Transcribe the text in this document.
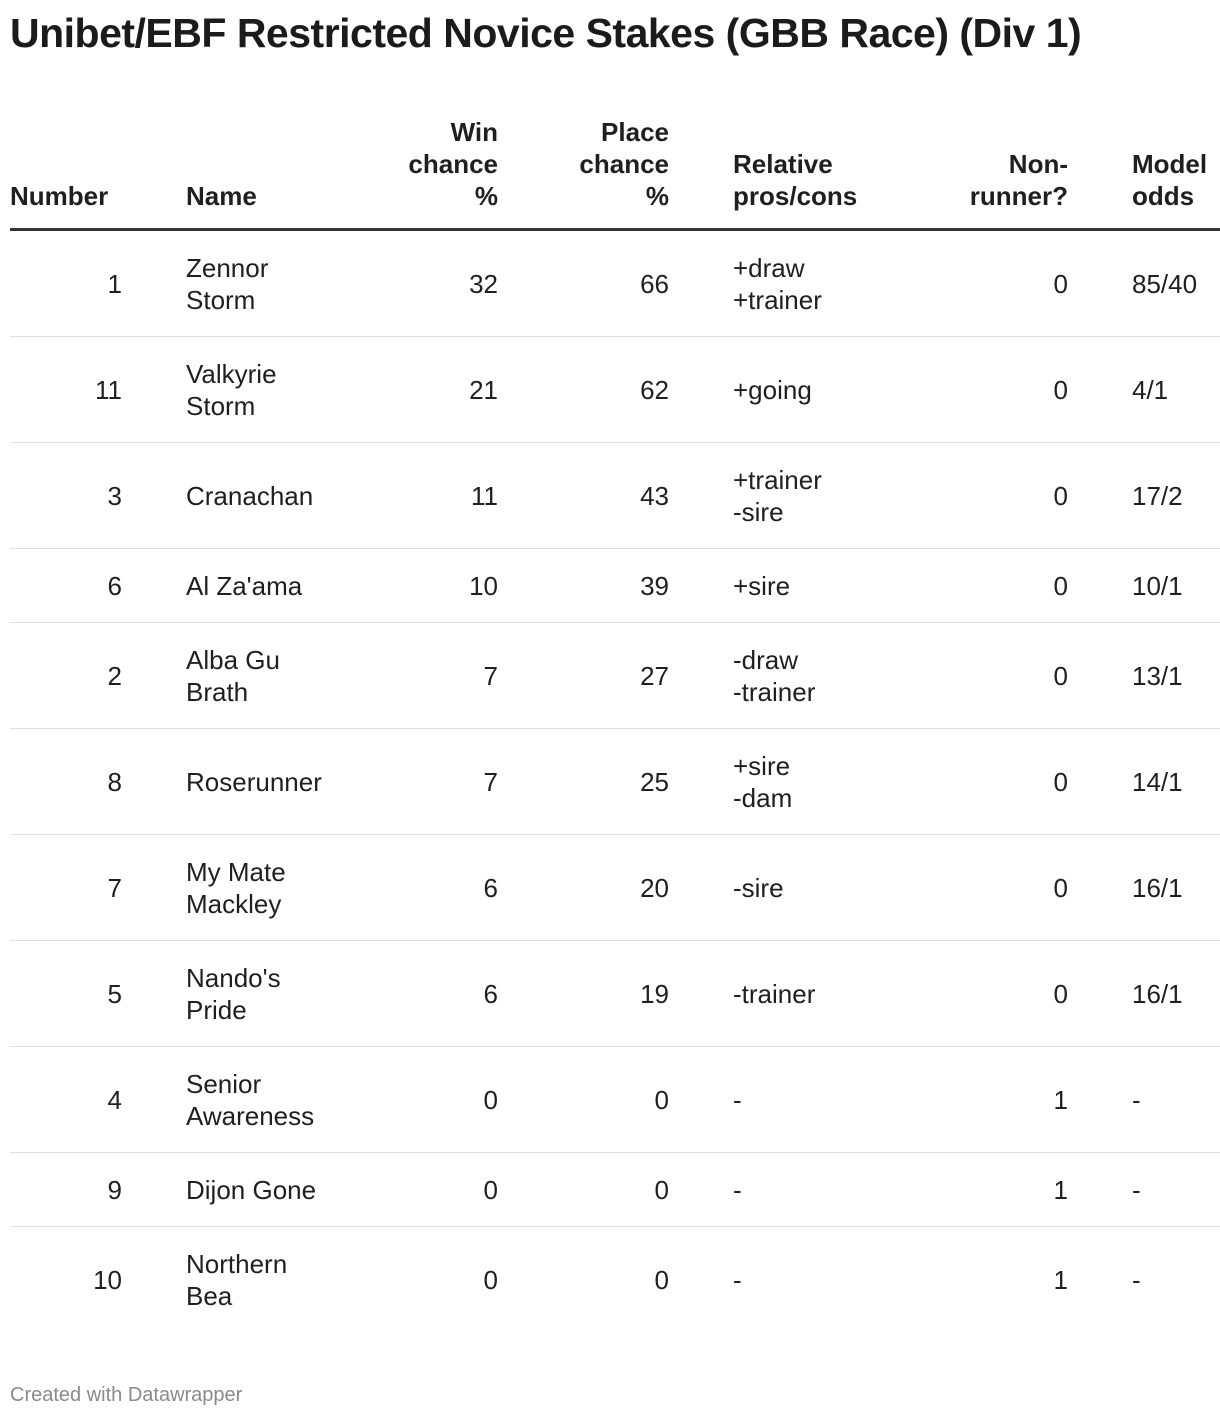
Unibet/EBF Restricted Novice Stakes (GBB Race) (Div 1)
Number		Name	Win
chance
%	Place
chance
%		Relative
pros/cons	Non-
runner?		Model
odds
1		Zennor
Storm	32	66		+draw
+trainer	0		85/40
11		Valkyrie
Storm	21	62		+going	0		4/1
3		Cranachan	11	43		+trainer
-sire	0		17/2
6		Al Za'ama	10	39		+sire	0		10/1
2		Alba Gu
Brath	7	27		-draw
-trainer	0		13/1
8		Roserunner	7	25		+sire
-dam	0		14/1
7		My Mate
Mackley	6	20		-sire	0		16/1
5		Nando's
Pride	6	19		-trainer	0		16/1
4		Senior
Awareness	0	0		-	1		-
9		Dijon Gone	0	0		-	1		-
10		Northern
Bea	0	0		-	1		-
Created with Datawrapper
